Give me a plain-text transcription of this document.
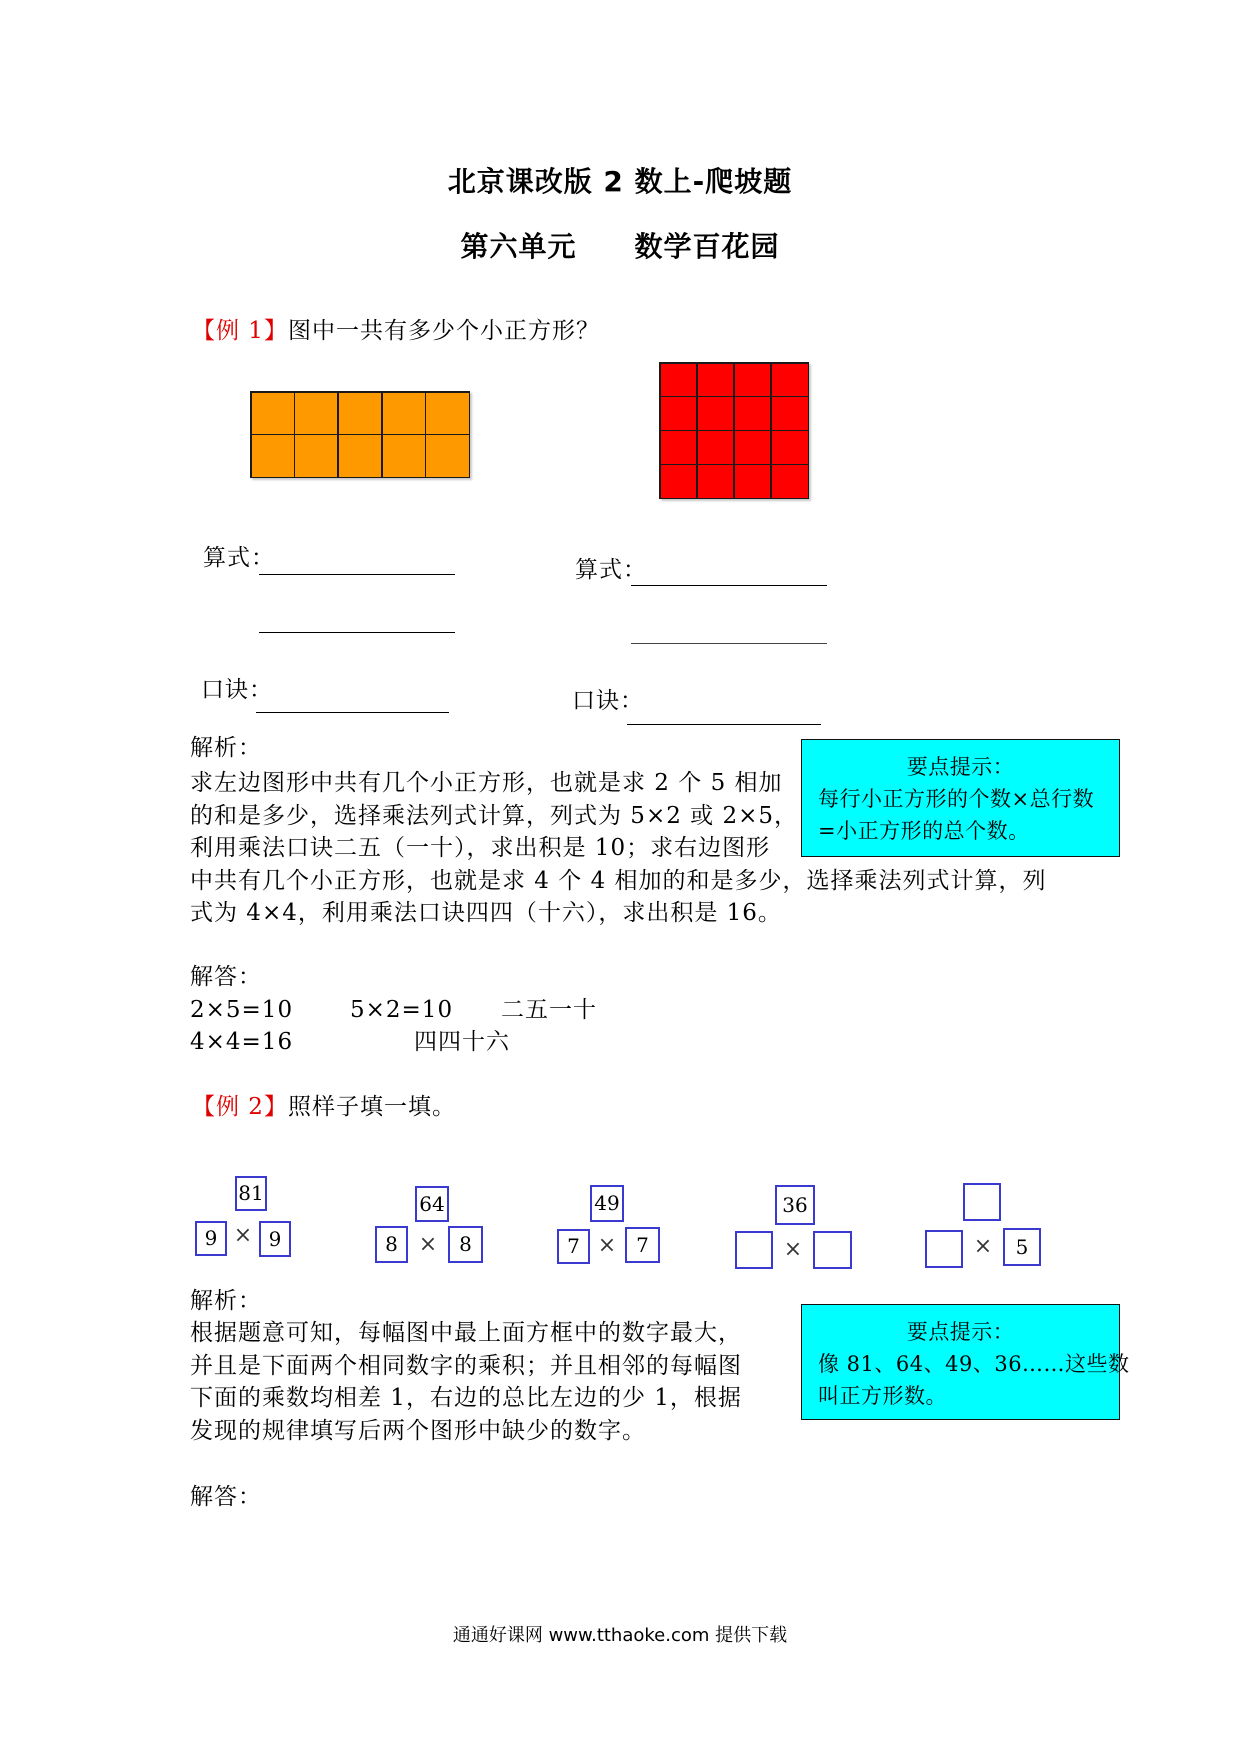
北京课改版 2 数上-爬坡题
第六单元 数学百花园
【例 1】图中一共有多少个小正方形？
算式：
口诀：
算式：
口诀：
解析：
求左边图形中共有几个小正方形，也就是求 2 个 5 相加
的和是多少，选择乘法列式计算，列式为 5×2 或 2×5，
利用乘法口诀二五（一十），求出积是 10；求右边图形
中共有几个小正方形，也就是求 4 个 4 相加的和是多少，选择乘法列式计算，列
式为 4×4，利用乘法口诀四四（十六），求出积是 16。
要点提示：
每行小正方形的个数×总行数
=小正方形的总个数。
解答：
2×5=10 5×2=10 二五一十
4×4=16	四四十六
【例 2】照样子填一填。
81
9 × 9
64
8 ×	8
49
7 × 7
36
×	×	5
解析：
根据题意可知，每幅图中最上面方框中的数字最大，
并且是下面两个相同数字的乘积；并且相邻的每幅图
下面的乘数均相差 1，右边的总比左边的少 1，根据
发现的规律填写后两个图形中缺少的数字。
要点提示：
像 81、64、49、36……这些数
叫正方形数。
解答：
通通好课网 www.tthaoke.com 提供下载
